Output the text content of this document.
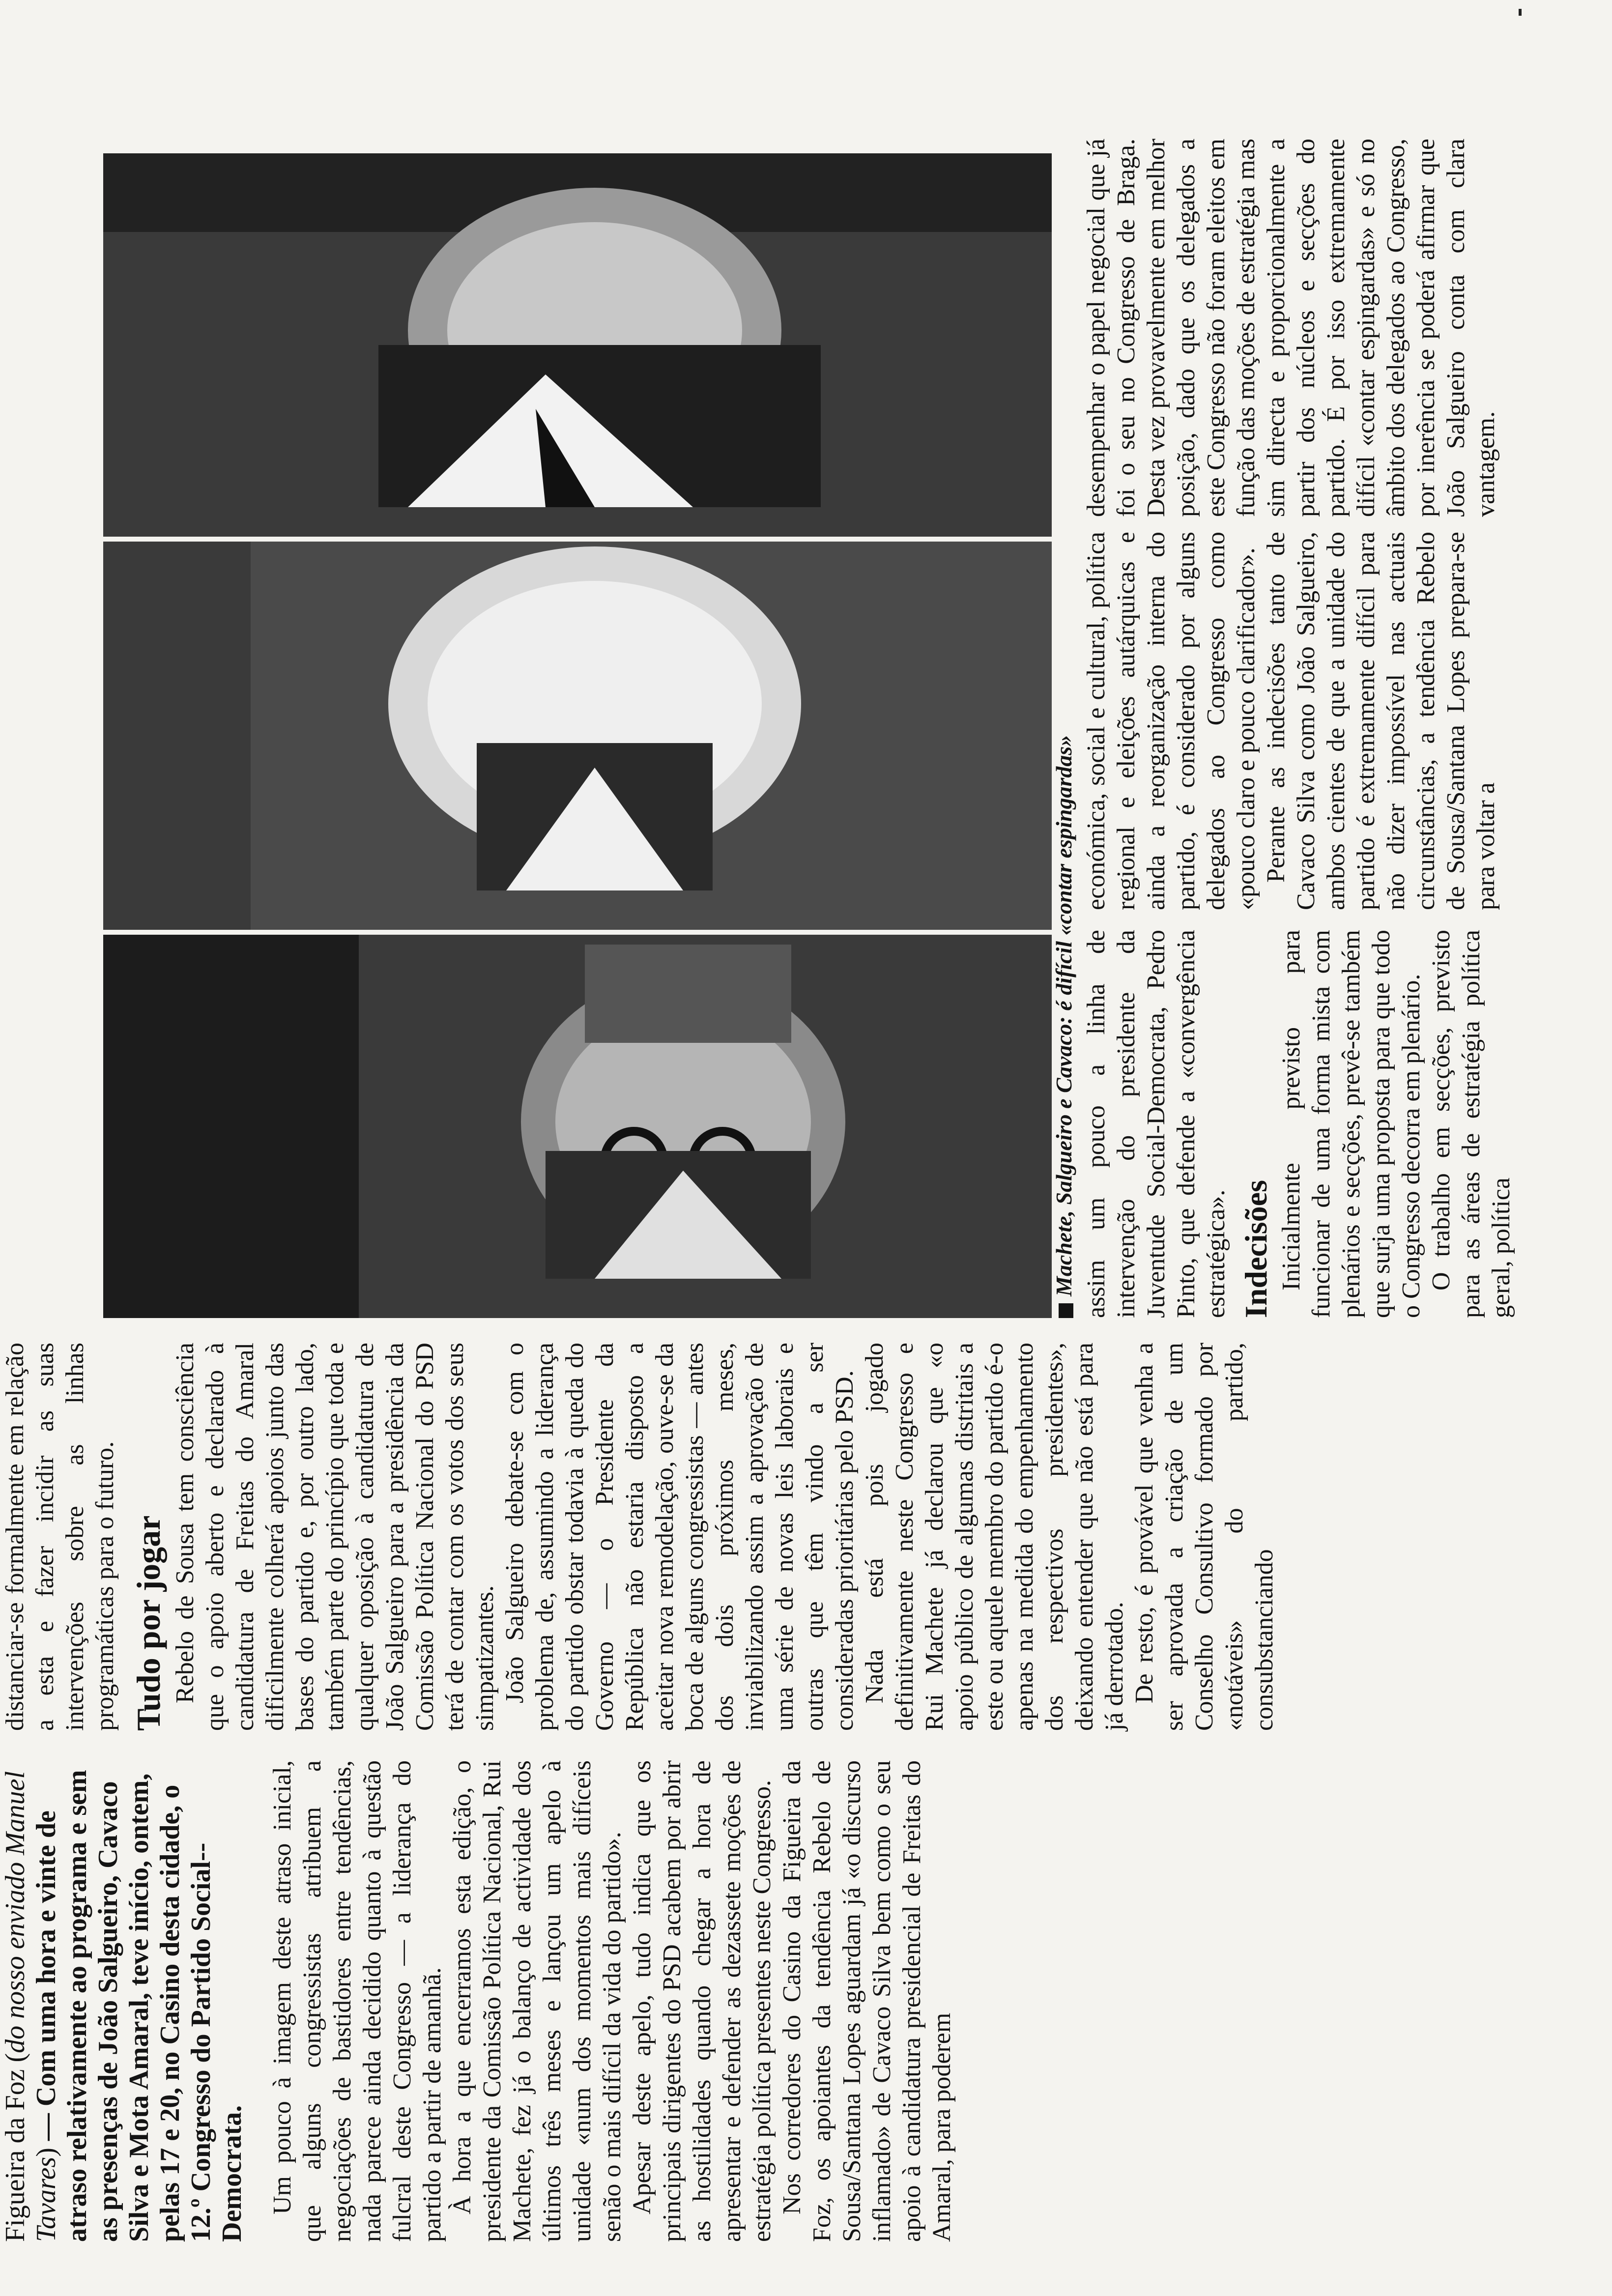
Figueira da Foz (do nosso enviado Manuel Tavares) — Com uma hora e vinte de atraso relativamente ao programa e sem as presenças de João Salgueiro, Cavaco Silva e Mota Amaral, teve início, ontem, pelas 17 e 20, no Casino desta cidade, o 12.º Congresso do Partido Social--Democrata. Um pouco à imagem deste atraso inicial, que alguns congressistas atribuem a negociações de bastidores entre tendências, nada parece ainda decidido quanto à questão fulcral deste Congresso — a liderança do partido a partir de amanhã. À hora a que encerramos esta edição, o presidente da Comissão Política Nacional, Rui Machete, fez já o balanço de actividade dos últimos três meses e lançou um apelo à unidade «num dos momentos mais difíceis senão o mais difícil da vida do partido». Apesar deste apelo, tudo indica que os principais dirigentes do PSD acabem por abrir as hostilidades quando chegar a hora de apresentar e defender as dezassete moções de estratégia política presentes neste Congresso. Nos corredores do Casino da Figueira da Foz, os apoiantes da tendência Rebelo de Sousa/Santana Lopes aguardam já «o discurso inflamado» de Cavaco Silva bem como o seu apoio à candidatura presidencial de Freitas do Amaral, para poderem

distanciar-se formalmente em relação a esta e fazer incidir as suas intervenções sobre as linhas programáticas para o futuro. Tudo por jogar Rebelo de Sousa tem consciência que o apoio aberto e declarado à candidatura de Freitas do Amaral dificilmente colherá apoios junto das bases do partido e, por outro lado, também parte do princípio que toda e qualquer oposição à candidatura de João Salgueiro para a presidência da Comissão Política Nacional do PSD terá de contar com os votos dos seus simpatizantes. João Salgueiro debate-se com o problema de, assumindo a liderança do partido obstar todavia à queda do Governo — o Presidente da República não estaria disposto a aceitar nova remodelação, ouve-se da boca de alguns congressistas — antes dos dois próximos meses, inviabilizando assim a aprovação de uma série de novas leis laborais e outras que têm vindo a ser consideradas prioritárias pelo PSD. Nada está pois jogado definitivamente neste Congresso e Rui Machete já declarou que «o apoio público de algumas distritais a este ou aquele membro do partido é-o apenas na medida do empenhamento dos respectivos presidentes», deixando entender que não está para já derrotado. De resto, é provável que venha a ser aprovada a criação de um Conselho Consultivo formado por «notáveis» do partido, consubstanciando

Machete, Salgueiro e Cavaco: é difícil «contar espingardas» assim um pouco a linha de intervenção do presidente da Juventude Social-Democrata, Pedro Pinto, que defende a «convergência estratégica». Indecisões Inicialmente previsto para funcionar de uma forma mista com plenários e secções, prevê-se também que surja uma proposta para que todo o Congresso decorra em plenário. O trabalho em secções, previsto para as áreas de estratégia política geral, política

económica, social e cultural, política regional e eleições autárquicas e ainda a reorganização interna do partido, é considerado por alguns delegados ao Congresso como «pouco claro e pouco clarificador». Perante as indecisões tanto de Cavaco Silva como João Salgueiro, ambos cientes de que a unidade do partido é extremamente difícil para não dizer impossível nas actuais circunstâncias, a tendência Rebelo de Sousa/Santana Lopes prepara-se para voltar a

desempenhar o papel negocial que já foi o seu no Congresso de Braga. Desta vez provavelmente em melhor posição, dado que os delegados a este Congresso não foram eleitos em função das moções de estratégia mas sim directa e proporcionalmente a partir dos núcleos e secções do partido. É por isso extremamente difícil «contar espingardas» e só no âmbito dos delegados ao Congresso, por inerência se poderá afirmar que João Salgueiro conta com clara vantagem.
